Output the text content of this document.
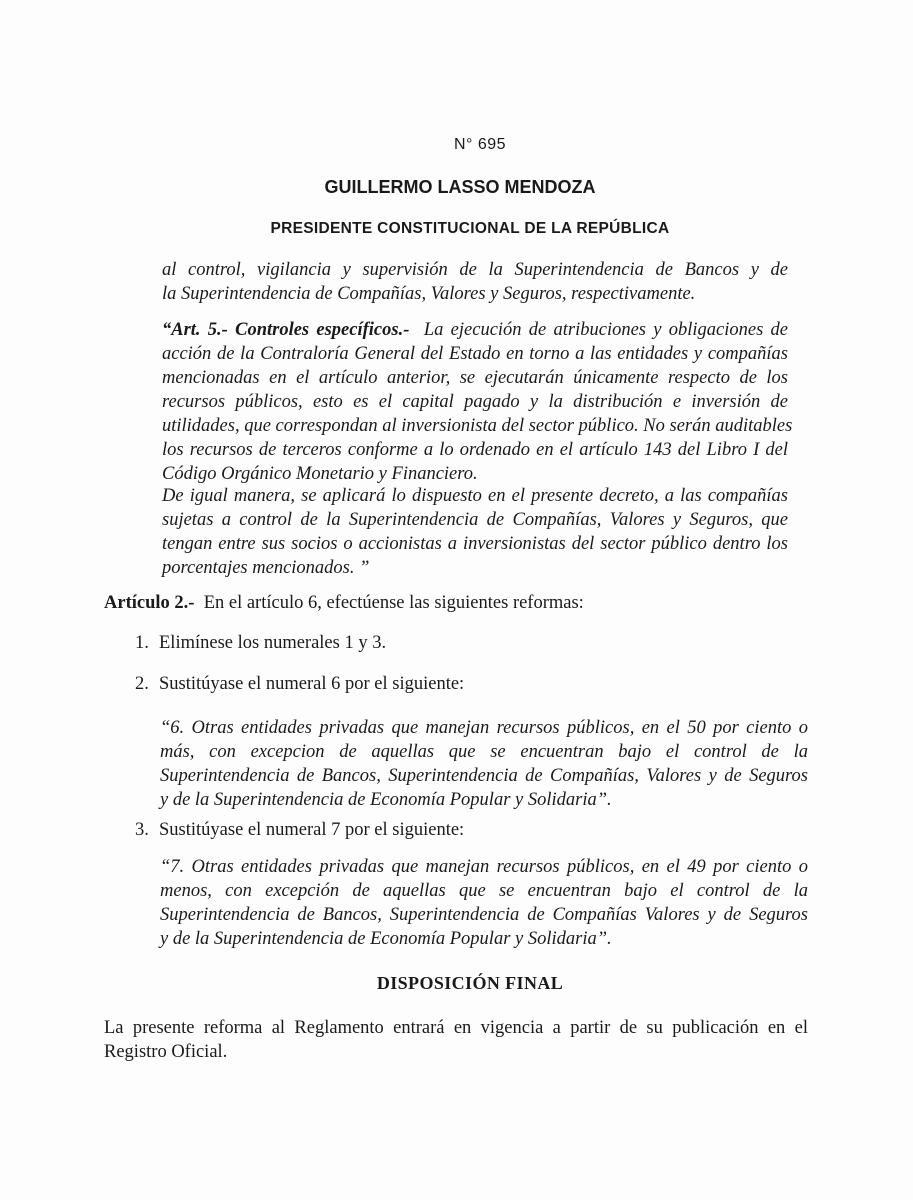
N° 695
GUILLERMO LASSO MENDOZA
PRESIDENTE CONSTITUCIONAL DE LA REPÚBLICA
al control, vigilancia y supervisión de la Superintendencia de Bancos y de
la Superintendencia de Compañías, Valores y Seguros, respectivamente.
“Art. 5.- Controles específicos.- La ejecución de atribuciones y obligaciones de
acción de la Contraloría General del Estado en torno a las entidades y compañías
mencionadas en el artículo anterior, se ejecutarán únicamente respecto de los
recursos públicos, esto es el capital pagado y la distribución e inversión de
utilidades, que correspondan al inversionista del sector público. No serán auditables
los recursos de terceros conforme a lo ordenado en el artículo 143 del Libro I del
Código Orgánico Monetario y Financiero.
De igual manera, se aplicará lo dispuesto en el presente decreto, a las compañías
sujetas a control de la Superintendencia de Compañías, Valores y Seguros, que
tengan entre sus socios o accionistas a inversionistas del sector público dentro los
porcentajes mencionados. ”
Artículo 2.- En el artículo 6, efectúense las siguientes reformas:
1. Elimínese los numerales 1 y 3.
2. Sustitúyase el numeral 6 por el siguiente:
“6. Otras entidades privadas que manejan recursos públicos, en el 50 por ciento o
más, con excepcion de aquellas que se encuentran bajo el control de la
Superintendencia de Bancos, Superintendencia de Compañías, Valores y de Seguros
y de la Superintendencia de Economía Popular y Solidaria”.
3. Sustitúyase el numeral 7 por el siguiente:
“7. Otras entidades privadas que manejan recursos públicos, en el 49 por ciento o
menos, con excepción de aquellas que se encuentran bajo el control de la
Superintendencia de Bancos, Superintendencia de Compañías Valores y de Seguros
y de la Superintendencia de Economía Popular y Solidaria”.
DISPOSICIÓN FINAL
La presente reforma al Reglamento entrará en vigencia a partir de su publicación en el
Registro Oficial.
